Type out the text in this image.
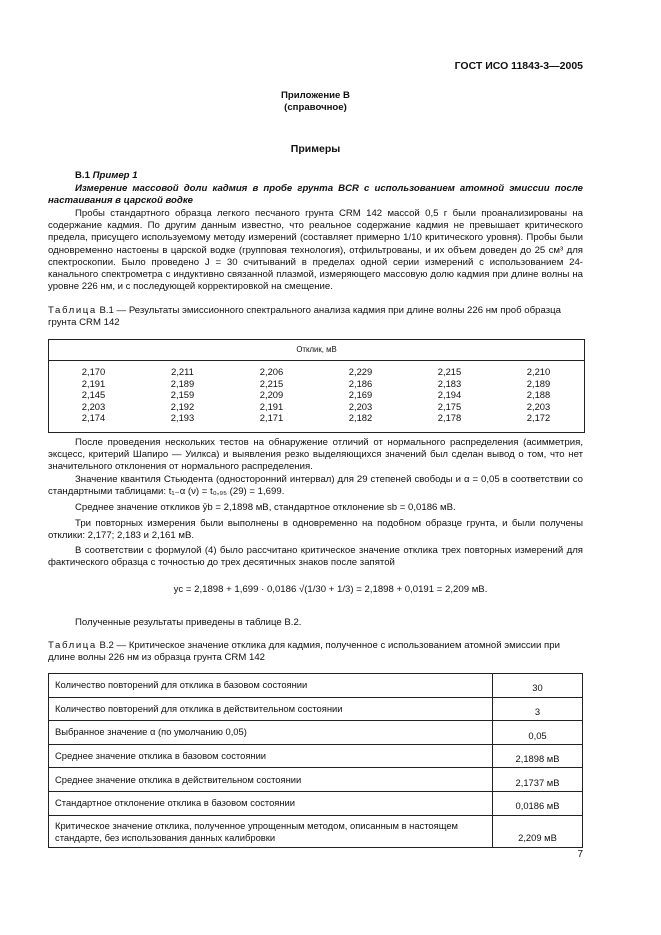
ГОСТ ИСО 11843-3—2005
Приложение В
(справочное)
Примеры
B.1 Пример 1
Измерение массовой доли кадмия в пробе грунта BCR с использованием атомной эмиссии после настаивания в царской водке
Пробы стандартного образца легкого песчаного грунта CRM 142 массой 0,5 г были проанализированы на содержание кадмия. По другим данным известно, что реальное содержание кадмия не превышает критического предела, присущего используемому методу измерений (составляет примерно 1/10 критического уровня). Пробы были одновременно настоены в царской водке (групповая технология), отфильтрованы, и их объем доведен до 25 см³ для спектроскопии. Было проведено J = 30 считываний в пределах одной серии измерений с использованием 24-канального спектрометра с индуктивно связанной плазмой, измеряющего массовую долю кадмия при длине волны на уровне 226 нм, и с последующей корректировкой на смещение.
Таблица B.1 — Результаты эмиссионного спектрального анализа кадмия при длине волны 226 нм проб образца грунта CRM 142
Отклик, мВ
2,170	2,211	2,206	2,229	2,215	2,210
2,191	2,189	2,215	2,186	2,183	2,189
2,145	2,159	2,209	2,169	2,194	2,188
2,203	2,192	2,191	2,203	2,175	2,203
2,174	2,193	2,171	2,182	2,178	2,172
После проведения нескольких тестов на обнаружение отличий от нормального распределения (асимметрия, эксцесс, критерий Шапиро — Уилкса) и выявления резко выделяющихся значений был сделан вывод о том, что нет значительного отклонения от нормального распределения.
Значение квантиля Стьюдента (односторонний интервал) для 29 степеней свободы и α = 0,05 в соответствии со стандартными таблицами: t₁₋α (ν) = t₀,₉₅ (29) = 1,699.
Среднее значение откликов ȳb = 2,1898 мВ, стандартное отклонение sb = 0,0186 мВ.
Три повторных измерения были выполнены в одновременно на подобном образце грунта, и были получены отклики: 2,177; 2,183 и 2,161 мВ.
В соответствии с формулой (4) было рассчитано критическое значение отклика трех повторных измерений для фактического образца с точностью до трех десятичных знаков после запятой
yc = 2,1898 + 1,699 · 0,0186 √(1/30 + 1/3) = 2,1898 + 0,0191 = 2,209 мВ.
Полученные результаты приведены в таблице B.2.
Таблица B.2 — Критическое значение отклика для кадмия, полученное с использованием атомной эмиссии при длине волны 226 нм из образца грунта CRM 142
Количество повторений для отклика в базовом состоянии	30
Количество повторений для отклика в действительном состоянии	3
Выбранное значение α (по умолчанию 0,05)	0,05
Среднее значение отклика в базовом состоянии	2,1898 мВ
Среднее значение отклика в действительном состоянии	2,1737 мВ
Стандартное отклонение отклика в базовом состоянии	0,0186 мВ
Критическое значение отклика, полученное упрощенным методом, описанным в настоящем стандарте, без использования данных калибровки	2,209 мВ
7
